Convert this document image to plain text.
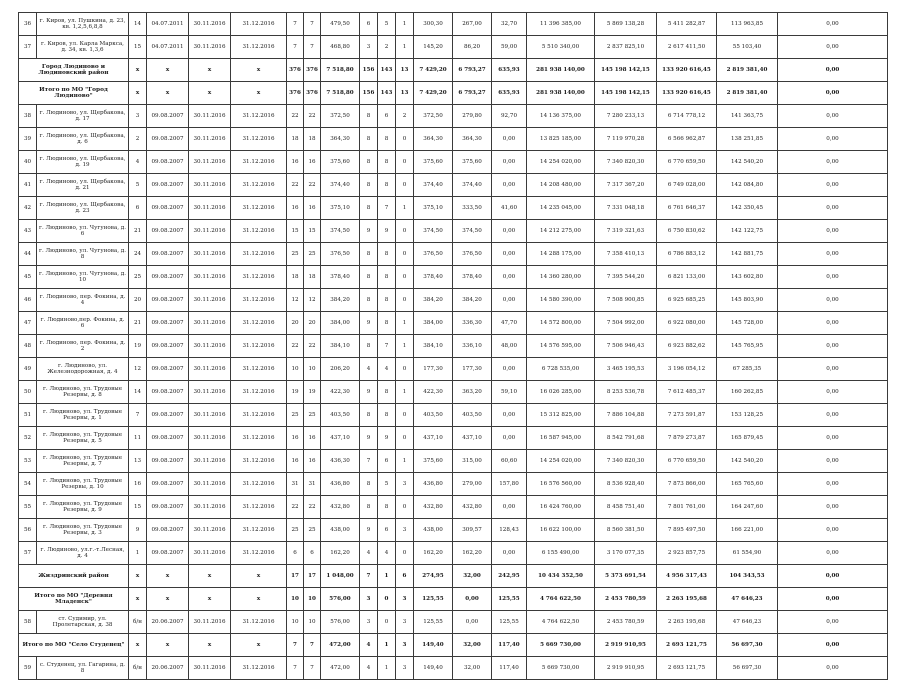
36	г. Киров, ул. Пушкина, д. 23, кв. 1,2,5,6,8,8	14	04.07.2011	30.11.2016	31.12.2016	7	7	479,50	6	5	1	300,30	267,00	32,70	11 396 385,00	5 869 138,28	5 411 282,87	113 963,85	0,00
37	г. Киров, ул. Карла Маркса, д. 34, кв. 1,3,6	15	04.07.2011	30.11.2016	31.12.2016	7	7	468,80	3	2	1	145,20	86,20	59,00	5 510 340,00	2 837 825,10	2 617 411,50	55 103,40	0,00
Город Людиново и Людиновский район		x	x	x	x	376	376	7 518,80	156	143	13	7 429,20	6 793,27	635,93	281 938 140,00	145 198 142,15	133 920 616,45	2 819 381,40	0,00
Итого по МО "Город Людиново"		x	x	x	x	376	376	7 518,80	156	143	13	7 429,20	6 793,27	635,93	281 938 140,00	145 198 142,15	133 920 616,45	2 819 381,40	0,00
38	г. Людиново, ул. Щербакова, д. 17	3	09.08.2007	30.11.2016	31.12.2016	22	22	372,50	8	6	2	372,50	279,80	92,70	14 136 375,00	7 280 233,13	6 714 778,12	141 363,75	0,00
39	г. Людиново, ул. Щербакова, д. 6	2	09.08.2007	30.11.2016	31.12.2016	18	18	364,30	8	8	0	364,30	364,30	0,00	13 825 185,00	7 119 970,28	6 566 962,87	138 251,85	0,00
40	г. Людиново, ул. Щербакова, д. 19	4	09.08.2007	30.11.2016	31.12.2016	16	16	375,60	8	8	0	375,60	375,60	0,00	14 254 020,00	7 340 820,30	6 770 659,50	142 540,20	0,00
41	г. Людиново, ул. Щербакова, д. 21	5	09.08.2007	30.11.2016	31.12.2016	22	22	374,40	8	8	0	374,40	374,40	0,00	14 208 480,00	7 317 367,20	6 749 028,00	142 084,80	0,00
42	г. Людиново, ул. Щербакова, д. 23	6	09.08.2007	30.11.2016	31.12.2016	16	16	375,10	8	7	1	375,10	333,50	41,60	14 235 045,00	7 331 048,18	6 761 646,37	142 350,45	0,00
43	г. Людиново, ул. Чугунова, д. 6	21	09.08.2007	30.11.2016	31.12.2016	15	15	374,50	9	9	0	374,50	374,50	0,00	14 212 275,00	7 319 321,63	6 750 830,62	142 122,75	0,00
44	г. Людиново, ул. Чугунова, д. 8	24	09.08.2007	30.11.2016	31.12.2016	25	25	376,50	8	8	0	376,50	376,50	0,00	14 288 175,00	7 358 410,13	6 786 883,12	142 881,75	0,00
45	г. Людиново, ул. Чугунова, д. 10	25	09.08.2007	30.11.2016	31.12.2016	18	18	378,40	8	8	0	378,40	378,40	0,00	14 360 280,00	7 395 544,20	6 821 133,00	143 602,80	0,00
46	г. Людиново, пер. Фокина, д. 4	20	09.08.2007	30.11.2016	31.12.2016	12	12	384,20	8	8	0	384,20	384,20	0,00	14 580 390,00	7 508 900,85	6 925 685,25	145 803,90	0,00
47	г. Людиново,пер. Фокина, д. 6	21	09.08.2007	30.11.2016	31.12.2016	20	20	384,00	9	8	1	384,00	336,30	47,70	14 572 800,00	7 504 992,00	6 922 080,00	145 728,00	0,00
48	г. Людиново, пер. Фокина, д. 2	19	09.08.2007	30.11.2016	31.12.2016	22	22	384,10	8	7	1	384,10	336,10	48,00	14 576 595,00	7 506 946,43	6 923 882,62	145 765,95	0,00
49	г. Людиново, ул. Железнодорожная, д. 4	12	09.08.2007	30.11.2016	31.12.2016	10	10	206,20	4	4	0	177,30	177,30	0,00	6 728 535,00	3 465 195,53	3 196 054,12	67 285,35	0,00
50	г. Людиново, ул. Трудовые Резервы, д. 8	14	09.08.2007	30.11.2016	31.12.2016	19	19	422,30	9	8	1	422,30	363,20	59,10	16 026 285,00	8 253 536,78	7 612 485,37	160 262,85	0,00
51	г. Людиново, ул. Трудовые Резервы, д. 1	7	09.08.2007	30.11.2016	31.12.2016	25	25	403,50	8	8	0	403,50	403,50	0,00	15 312 825,00	7 886 104,88	7 273 591,87	153 128,25	0,00
52	г. Людиново, ул. Трудовые Резервы, д. 5	11	09.08.2007	30.11.2016	31.12.2016	16	16	437,10	9	9	0	437,10	437,10	0,00	16 587 945,00	8 542 791,68	7 879 273,87	165 879,45	0,00
53	г. Людиново, ул. Трудовые Резервы, д. 7	13	09.08.2007	30.11.2016	31.12.2016	16	16	436,30	7	6	1	375,60	315,00	60,60	14 254 020,00	7 340 820,30	6 770 659,50	142 540,20	0,00
54	г. Людиново, ул. Трудовые Резервы, д. 10	16	09.08.2007	30.11.2016	31.12.2016	31	31	436,80	8	5	3	436,80	279,00	157,80	16 576 560,00	8 536 928,40	7 873 866,00	165 765,60	0,00
55	г. Людиново, ул. Трудовые Резервы, д. 9	15	09.08.2007	30.11.2016	31.12.2016	22	22	432,80	8	8	0	432,80	432,80	0,00	16 424 760,00	8 458 751,40	7 801 761,00	164 247,60	0,00
56	г. Людиново, ул. Трудовые Резервы, д. 3	9	09.08.2007	30.11.2016	31.12.2016	25	25	438,00	9	6	3	438,00	309,57	128,43	16 622 100,00	8 560 381,50	7 895 497,50	166 221,00	0,00
57	г. Людиново, ул.г.-т.Лесная, д. 4	1	09.08.2007	30.11.2016	31.12.2016	6	6	162,20	4	4	0	162,20	162,20	0,00	6 155 490,00	3 170 077,35	2 923 857,75	61 554,90	0,00
Жиздринский район		x	x	x	x	17	17	1 048,00	7	1	6	274,95	32,00	242,95	10 434 352,50	5 373 691,54	4 956 317,43	104 343,53	0,00
Итого по МО "Деревня Младенск"		x	x	x	x	10	10	576,00	3	0	3	125,55	0,00	125,55	4 764 622,50	2 453 780,59	2 263 195,68	47 646,23	0,00
58	ст. Судимир, ул. Пролетарская, д. 38	б/н	20.06.2007	30.11.2016	31.12.2016	10	10	576,00	3	0	3	125,55	0,00	125,55	4 764 622,50	2 453 780,59	2 263 195,68	47 646,23	0,00
Итого по МО "Село Студенец"		x	x	x	x	7	7	472,00	4	1	3	149,40	32,00	117,40	5 669 730,00	2 919 910,95	2 693 121,75	56 697,30	0,00
59	с. Студенец, ул. Гагарина, д. 8	б/н	20.06.2007	30.11.2016	31.12.2016	7	7	472,00	4	1	3	149,40	32,00	117,40	5 669 730,00	2 919 910,95	2 693 121,75	56 697,30	0,00
